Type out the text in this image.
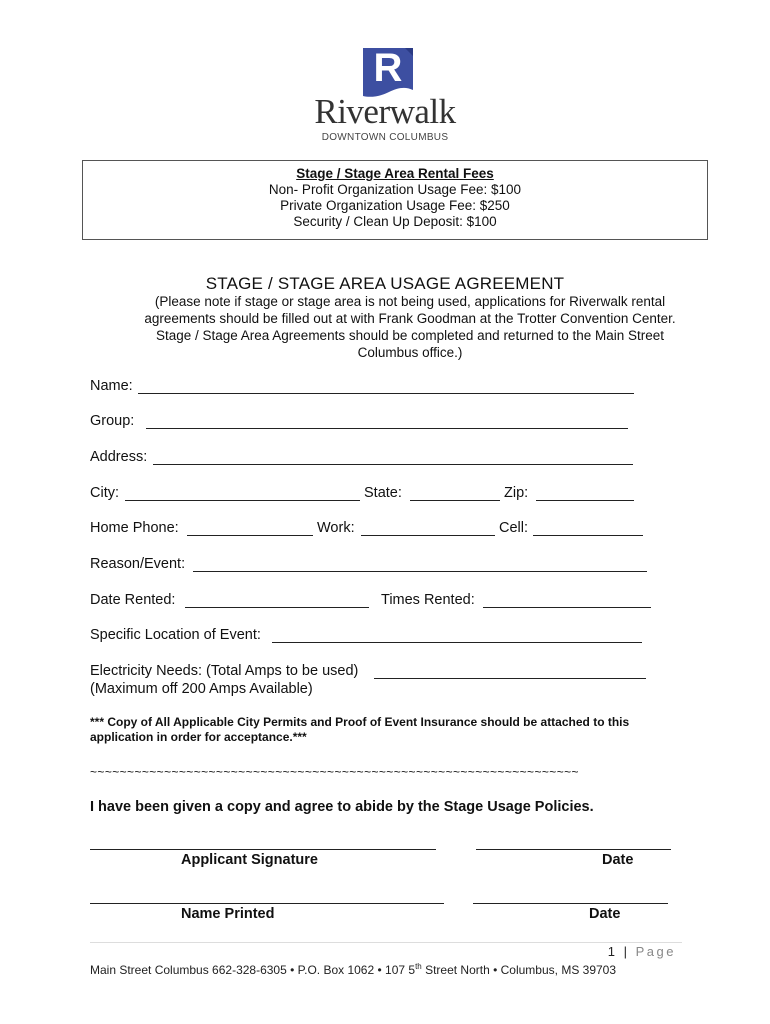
R
Riverwalk
DOWNTOWN COLUMBUS
Stage / Stage Area Rental Fees
Non- Profit Organization Usage Fee: $100
Private Organization Usage Fee: $250
Security / Clean Up Deposit: $100
STAGE / STAGE AREA USAGE AGREEMENT
(Please note if stage or stage area is not being used, applications for Riverwalk rental agreements should be filled out at with Frank Goodman at the Trotter Convention Center. Stage / Stage Area Agreements should be completed and returned to the Main Street Columbus office.)
Name:
Group:
Address:
City:	State:	Zip:
Home Phone:	Work:	Cell:
Reason/Event:
Date Rented:	Times Rented:
Specific Location of Event:
Electricity Needs: (Total Amps to be used)
(Maximum off 200 Amps Available)
*** Copy of All Applicable City Permits and Proof of Event Insurance should be attached to this application in order for acceptance.***
~~~~~~~~~~~~~~~~~~~~~~~~~~~~~~~~~~~~~~~~~~~~~~~~~~~~~~~~~~~~~~~~~~
I have been given a copy and agree to abide by the Stage Usage Policies.
Applicant Signature	Date
Name Printed	Date
1 | Page
Main Street Columbus 662-328-6305 • P.O. Box 1062 • 107 5th Street North • Columbus, MS 39703
